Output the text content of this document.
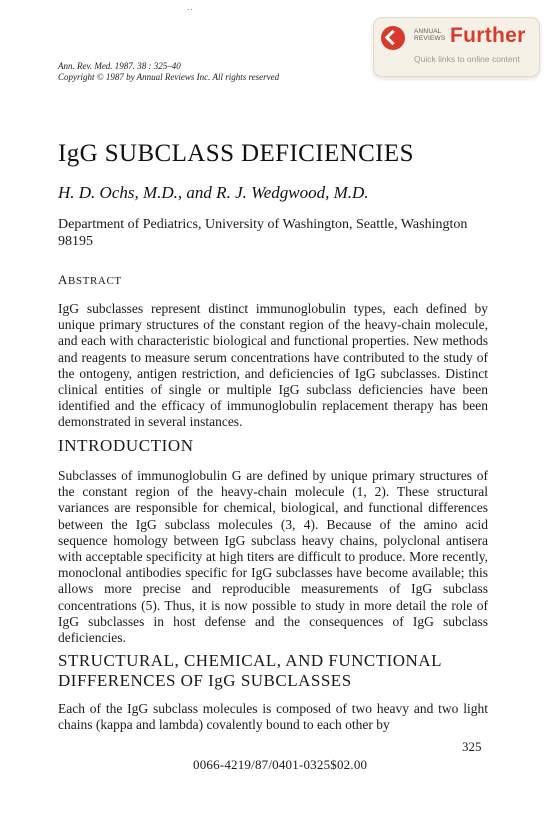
..
Ann. Rev. Med. 1987. 38 : 325–40
Copyright © 1987 by Annual Reviews Inc. All rights reserved
ANNUAL
REVIEWS Further
Quick links to online content
IgG SUBCLASS DEFICIENCIES
H. D. Ochs, M.D., and R. J. Wedgwood, M.D.
Department of Pediatrics, University of Washington, Seattle, Washington 98195
ABSTRACT
IgG subclasses represent distinct immunoglobulin types, each defined by unique primary structures of the constant region of the heavy-chain molecule, and each with characteristic biological and functional properties. New methods and reagents to measure serum concentrations have contributed to the study of the ontogeny, antigen restriction, and deficiencies of IgG subclasses. Distinct clinical entities of single or multiple IgG subclass deficiencies have been identified and the efficacy of immunoglobulin replacement therapy has been demonstrated in several instances.
INTRODUCTION
Subclasses of immunoglobulin G are defined by unique primary structures of the constant region of the heavy-chain molecule (1, 2). These structural variances are responsible for chemical, biological, and functional differences between the IgG subclass molecules (3, 4). Because of the amino acid sequence homology between IgG subclass heavy chains, polyclonal antisera with acceptable specificity at high titers are difficult to produce. More recently, monoclonal antibodies specific for IgG subclasses have become available; this allows more precise and reproducible measurements of IgG subclass concentrations (5). Thus, it is now possible to study in more detail the role of IgG subclasses in host defense and the consequences of IgG subclass deficiencies.
STRUCTURAL, CHEMICAL, AND FUNCTIONAL
DIFFERENCES OF IgG SUBCLASSES
Each of the IgG subclass molecules is composed of two heavy and two light chains (kappa and lambda) covalently bound to each other by
325
0066-4219/87/0401-0325$02.00
